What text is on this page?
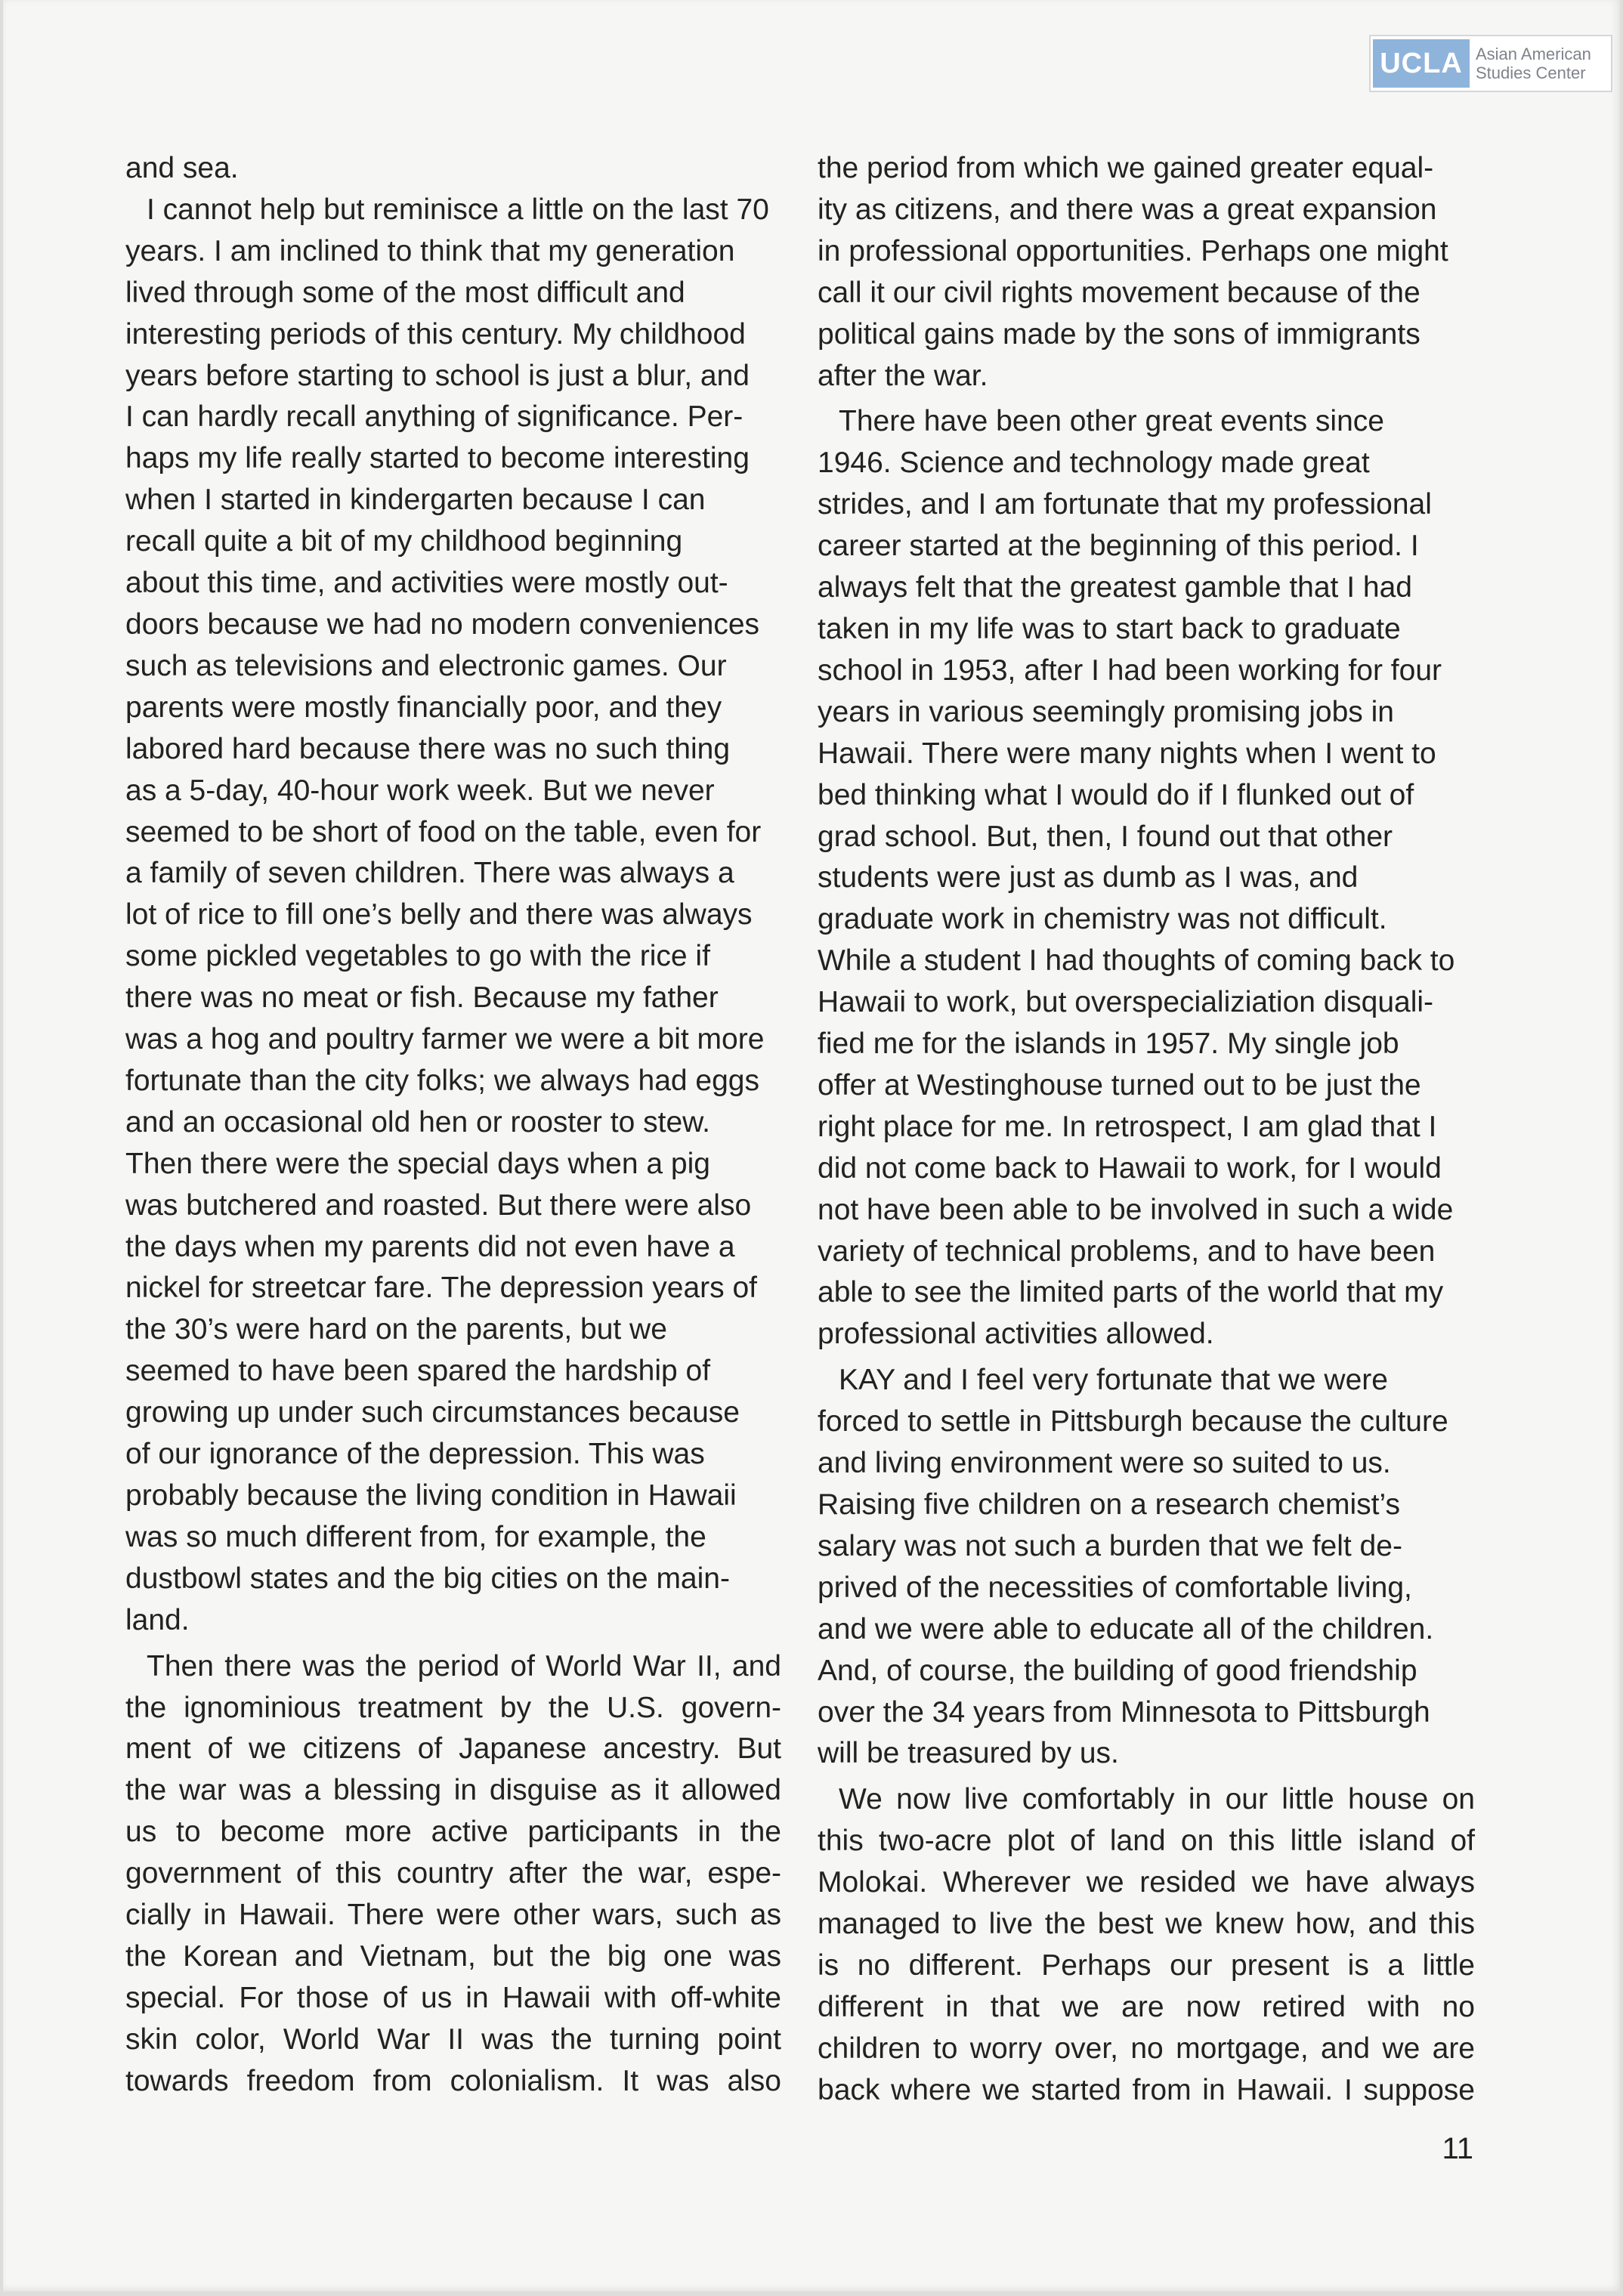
UCLA Asian American
Studies Center

and sea.

I cannot help but reminisce a little on the last 70
years. I am inclined to think that my generation
lived through some of the most difficult and
interesting periods of this century. My childhood
years before starting to school is just a blur, and
I can hardly recall anything of significance. Per-
haps my life really started to become interesting
when I started in kindergarten because I can
recall quite a bit of my childhood beginning
about this time, and activities were mostly out-
doors because we had no modern conveniences
such as televisions and electronic games. Our
parents were mostly financially poor, and they
labored hard because there was no such thing
as a 5-day, 40-hour work week. But we never
seemed to be short of food on the table, even for
a family of seven children. There was always a
lot of rice to fill one’s belly and there was always
some pickled vegetables to go with the rice if
there was no meat or fish. Because my father
was a hog and poultry farmer we were a bit more
fortunate than the city folks; we always had eggs
and an occasional old hen or rooster to stew.
Then there were the special days when a pig
was butchered and roasted. But there were also
the days when my parents did not even have a
nickel for streetcar fare. The depression years of
the 30’s were hard on the parents, but we
seemed to have been spared the hardship of
growing up under such circumstances because
of our ignorance of the depression. This was
probably because the living condition in Hawaii
was so much different from, for example, the
dustbowl states and the big cities on the main-
land.

Then there was the period of World War II, and
the ignominious treatment by the U.S. govern-
ment of we citizens of Japanese ancestry. But
the war was a blessing in disguise as it allowed
us to become more active participants in the
government of this country after the war, espe-
cially in Hawaii. There were other wars, such as
the Korean and Vietnam, but the big one was
special. For those of us in Hawaii with off-white
skin color, World War II was the turning point
towards freedom from colonialism. It was also

the period from which we gained greater equal-
ity as citizens, and there was a great expansion
in professional opportunities. Perhaps one might
call it our civil rights movement because of the
political gains made by the sons of immigrants
after the war.

There have been other great events since
1946. Science and technology made great
strides, and I am fortunate that my professional
career started at the beginning of this period. I
always felt that the greatest gamble that I had
taken in my life was to start back to graduate
school in 1953, after I had been working for four
years in various seemingly promising jobs in
Hawaii. There were many nights when I went to
bed thinking what I would do if I flunked out of
grad school. But, then, I found out that other
students were just as dumb as I was, and
graduate work in chemistry was not difficult.
While a student I had thoughts of coming back to
Hawaii to work, but overspecializiation disquali-
fied me for the islands in 1957. My single job
offer at Westinghouse turned out to be just the
right place for me. In retrospect, I am glad that I
did not come back to Hawaii to work, for I would
not have been able to be involved in such a wide
variety of technical problems, and to have been
able to see the limited parts of the world that my
professional activities allowed.

KAY and I feel very fortunate that we were
forced to settle in Pittsburgh because the culture
and living environment were so suited to us.
Raising five children on a research chemist’s
salary was not such a burden that we felt de-
prived of the necessities of comfortable living,
and we were able to educate all of the children.
And, of course, the building of good friendship
over the 34 years from Minnesota to Pittsburgh
will be treasured by us.

We now live comfortably in our little house on
this two-acre plot of land on this little island of
Molokai. Wherever we resided we have always
managed to live the best we knew how, and this
is no different. Perhaps our present is a little
different in that we are now retired with no
children to worry over, no mortgage, and we are
back where we started from in Hawaii. I suppose

11
